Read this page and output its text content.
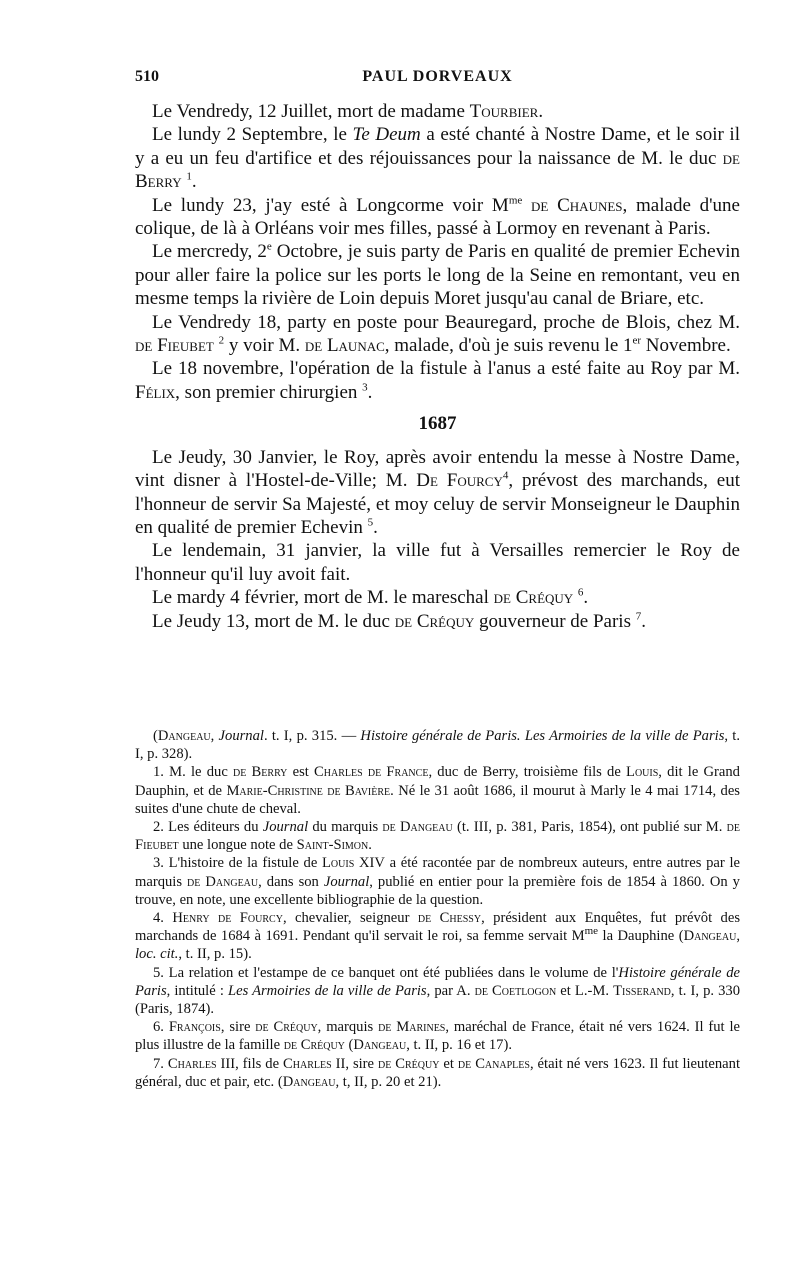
510	PAUL DORVEAUX

Le Vendredy, 12 Juillet, mort de madame Tourbier.

Le lundy 2 Septembre, le Te Deum a esté chanté à Nostre Dame, et le soir il y a eu un feu d'artifice et des réjouissances pour la naissance de M. le duc de Berry $^1$.

Le lundy 23, j'ay esté à Longcorme voir $M^{me}$ de Chaunes, malade d'une colique, de là à Orléans voir mes filles, passé à Lormoy en revenant à Paris.

Le mercredy, 2e Octobre, je suis party de Paris en qualité de premier Echevin pour aller faire la police sur les ports le long de la Seine en remontant, veu en mesme temps la rivière de Loin depuis Moret jusqu'au canal de Briare, etc.

Le Vendredy 18, party en poste pour Beauregard, proche de Blois, chez M. de Fieubet $^2$ y voir M. de Launac, malade, d'où je suis revenu le 1er Novembre.

Le 18 novembre, l'opération de la fistule à l'anus a esté faite au Roy par M. Félix, son premier chirurgien $^3$.

1687

Le Jeudy, 30 Janvier, le Roy, après avoir entendu la messe à Nostre Dame, vint disner à l'Hostel-de-Ville; M. De Fourcy$^4$, prévost des marchands, eut l'honneur de servir Sa Majesté, et moy celuy de servir Monseigneur le Dauphin en qualité de premier Echevin $^5$.

Le lendemain, 31 janvier, la ville fut à Versailles remercier le Roy de l'honneur qu'il luy avoit fait.

Le mardy 4 février, mort de M. le mareschal de Créquy $^6$.

Le Jeudy 13, mort de M. le duc de Créquy gouverneur de Paris $^7$.

(Dangeau, Journal. t. I, p. 315. — Histoire générale de Paris. Les Armoiries de la ville de Paris, t. I, p. 328).

1. M. le duc de Berry est Charles de France, duc de Berry, troisième fils de Louis, dit le Grand Dauphin, et de Marie-Christine de Bavière. Né le 31 août 1686, il mourut à Marly le 4 mai 1714, des suites d'une chute de cheval.

2. Les éditeurs du Journal du marquis de Dangeau (t. III, p. 381, Paris, 1854), ont publié sur M. de Fieubet une longue note de Saint-Simon.

3. L'histoire de la fistule de Louis XIV a été racontée par de nombreux auteurs, entre autres par le marquis de Dangeau, dans son Journal, publié en entier pour la première fois de 1854 à 1860. On y trouve, en note, une excellente bibliographie de la question.

4. Henry de Fourcy, chevalier, seigneur de Chessy, président aux Enquêtes, fut prévôt des marchands de 1684 à 1691. Pendant qu'il servait le roi, sa femme servait $M^{me}$ la Dauphine (Dangeau, loc. cit., t. II, p. 15).

5. La relation et l'estampe de ce banquet ont été publiées dans le volume de l'Histoire générale de Paris, intitulé : Les Armoiries de la ville de Paris, par A. de Coetlogon et L.-M. Tisserand, t. I, p. 330 (Paris, 1874).

6. François, sire de Créquy, marquis de Marines, maréchal de France, était né vers 1624. Il fut le plus illustre de la famille de Créquy (Dangeau, t. II, p. 16 et 17).

7. Charles III, fils de Charles II, sire de Créquy et de Canaples, était né vers 1623. Il fut lieutenant général, duc et pair, etc. (Dangeau, t, II, p. 20 et 21).
